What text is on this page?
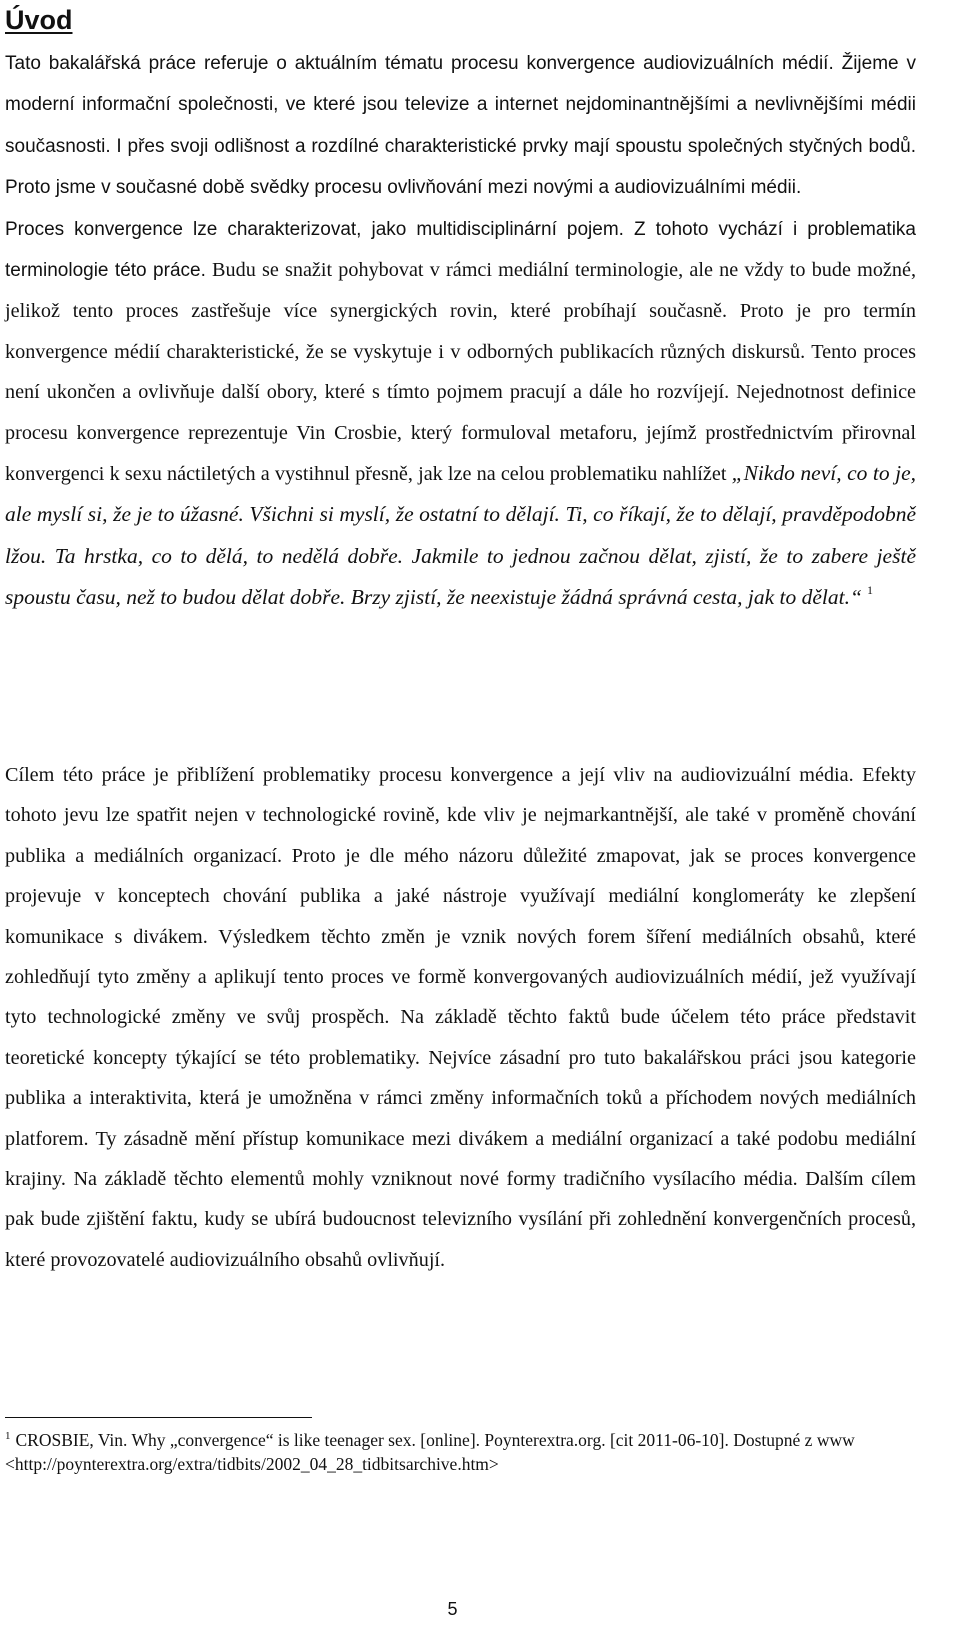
Úvod

Tato bakalářská práce referuje o aktuálním tématu procesu konvergence audiovizuálních médií. Žijeme v moderní informační společnosti, ve které jsou televize a internet nejdominantnějšími a nevlivnějšími médii současnosti. I přes svoji odlišnost a rozdílné charakteristické prvky mají spoustu společných styčných bodů. Proto jsme v současné době svědky procesu ovlivňování mezi novými a audiovizuálními médii.
Proces konvergence lze charakterizovat, jako multidisciplinární pojem. Z tohoto vychází i problematika terminologie této práce. Budu se snažit pohybovat v rámci mediální terminologie, ale ne vždy to bude možné, jelikož tento proces zastřešuje více synergických rovin, které probíhají současně. Proto je pro termín konvergence médií charakteristické, že se vyskytuje i v odborných publikacích různých diskursů. Tento proces není ukončen a ovlivňuje další obory, které s tímto pojmem pracují a dále ho rozvíjejí. Nejednotnost definice procesu konvergence reprezentuje Vin Crosbie, který formuloval metaforu, jejímž prostřednictvím přirovnal konvergenci k sexu náctiletých a vystihnul přesně, jak lze na celou problematiku nahlížet „Nikdo neví, co to je, ale myslí si, že je to úžasné. Všichni si myslí, že ostatní to dělají. Ti, co říkají, že to dělají, pravděpodobně lžou. Ta hrstka, co to dělá, to nedělá dobře. Jakmile to jednou začnou dělat, zjistí, že to zabere ještě spoustu času, než to budou dělat dobře. Brzy zjistí, že neexistuje žádná správná cesta, jak to dělat.“ $^1$

Cílem této práce je přiblížení problematiky procesu konvergence a její vliv na audiovizuální média. Efekty tohoto jevu lze spatřit nejen v technologické rovině, kde vliv je nejmarkantnější, ale také v proměně chování publika a mediálních organizací. Proto je dle mého názoru důležité zmapovat, jak se proces konvergence projevuje v konceptech chování publika a jaké nástroje využívají mediální konglomeráty ke zlepšení komunikace s divákem. Výsledkem těchto změn je vznik nových forem šíření mediálních obsahů, které zohledňují tyto změny a aplikují tento proces ve formě konvergovaných audiovizuálních médií, jež využívají tyto technologické změny ve svůj prospěch. Na základě těchto faktů bude účelem této práce představit teoretické koncepty týkající se této problematiky. Nejvíce zásadní pro tuto bakalářskou práci jsou kategorie publika a interaktivita, která je umožněna v rámci změny informačních toků a příchodem nových mediálních platforem. Ty zásadně mění přístup komunikace mezi divákem a mediální organizací a také podobu mediální krajiny. Na základě těchto elementů mohly vzniknout nové formy tradičního vysílacího média. Dalším cílem pak bude zjištění faktu, kudy se ubírá budoucnost televizního vysílání při zohlednění konvergenčních procesů, které provozovatelé audiovizuálního obsahů ovlivňují.

$^1$ CROSBIE, Vin. Why „convergence“ is like teenager sex. [online]. Poynterextra.org. [cit 2011-06-10]. Dostupné z www <http://poynterextra.org/extra/tidbits/2002_04_28_tidbitsarchive.htm>

5
